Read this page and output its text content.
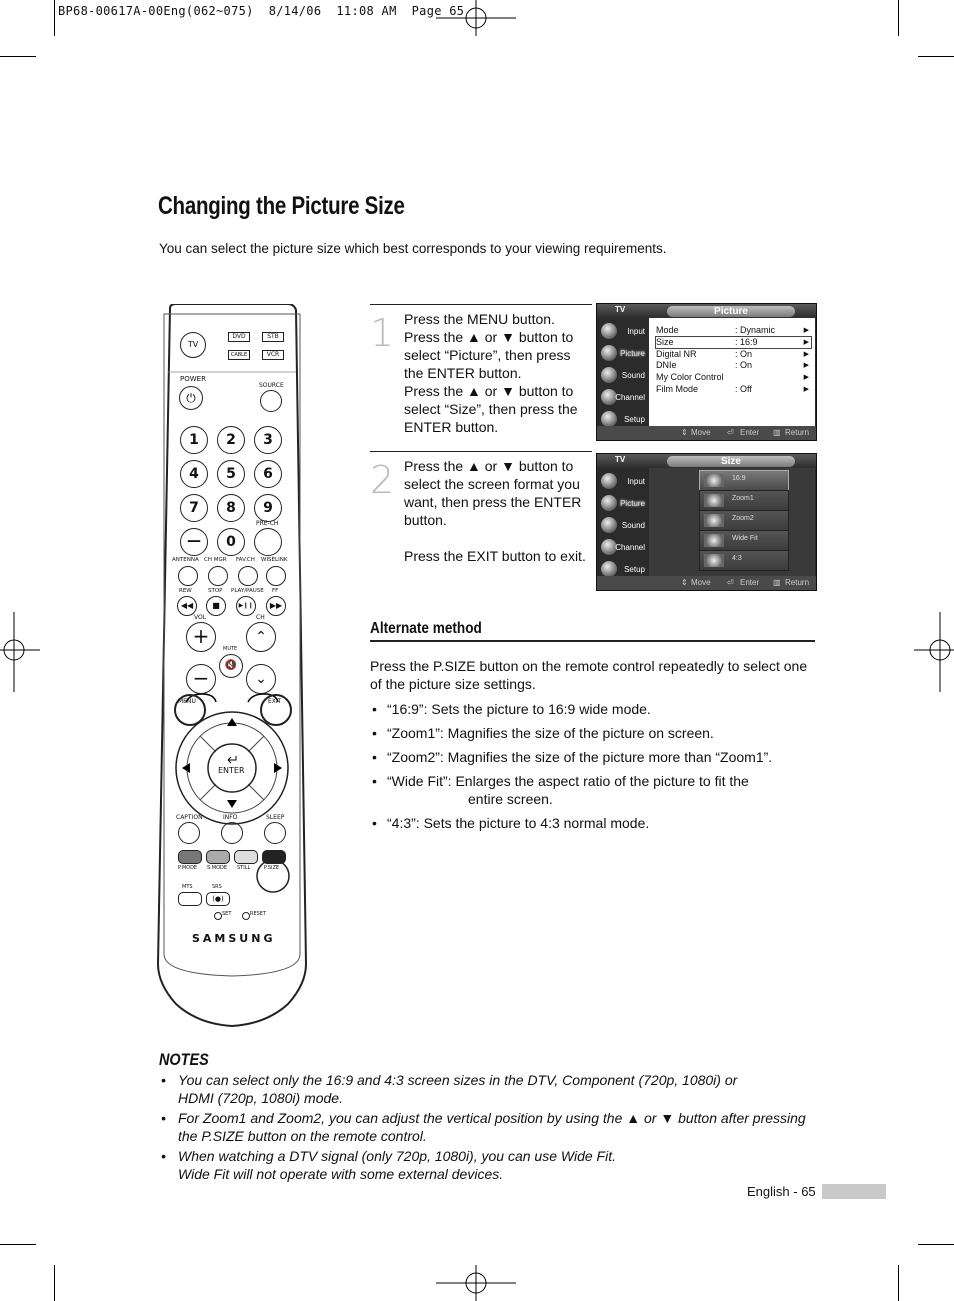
BP68-00617A-00Eng(062~075)  8/14/06  11:08 AM  Page 65
Changing the Picture Size
You can select the picture size which best corresponds to your viewing requirements.
TV
DVD	STB
CABLE	VCR
POWER
⏻
SOURCE
1	2	3
4	5	6
7	8	9
—	0
PRE-CH
ANTENNA CH MGR FAV.CH WISELINK
REW	STOP PLAY/PAUSE FF
◀◀	■	▶❙❙	▶▶
VOL	CH
+	⌃
MUTE
🔇
−	⌄
MENU	EXIT
ENTER
CAPTION	INFO	SLEEP
P.MODE S.MODE STILL	P.SIZE
MTS	SRS
(●)
SET	RESET
SAMSUNG
1 Press the MENU button.
Press the ▲ or ▼ button to select “Picture”, then press the ENTER button.
Press the ▲ or ▼ button to select “Size”, then press the ENTER button.
2 Press the ▲ or ▼ button to select the screen format you want, then press the ENTER button.

Press the EXIT button to exit.
TV	Picture
Input
Picture
Sound
Channel
Setup
Mode	: Dynamic	▶
Size	: 16:9	▶
Digital NR	: On	▶
DNIe	: On	▶
My Color Control	▶
Film Mode	: Off	▶
⇕ Move ⏎ Enter ▥ Return
TV	Size
Input
Picture
Sound
Channel
Setup
16:9
Zoom1
Zoom2
Wide Fit
4:3
⇕ Move ⏎ Enter ▥ Return
Alternate method

Press the P.SIZE button on the remote control repeatedly to select one of the picture size settings.

• “16:9”: Sets the picture to 16:9 wide mode.
• “Zoom1”: Magnifies the size of the picture on screen.
• “Zoom2”: Magnifies the size of the picture more than “Zoom1”.
• “Wide Fit”: Enlarges the aspect ratio of the picture to fit the
entire screen.
• “4:3”: Sets the picture to 4:3 normal mode.
NOTES
• You can select only the 16:9 and 4:3 screen sizes in the DTV, Component (720p, 1080i) or
HDMI (720p, 1080i) mode.
• For Zoom1 and Zoom2, you can adjust the vertical position by using the ▲ or ▼ button after pressing
the P.SIZE button on the remote control.
• When watching a DTV signal (only 720p, 1080i), you can use Wide Fit.
Wide Fit will not operate with some external devices.
English - 65
